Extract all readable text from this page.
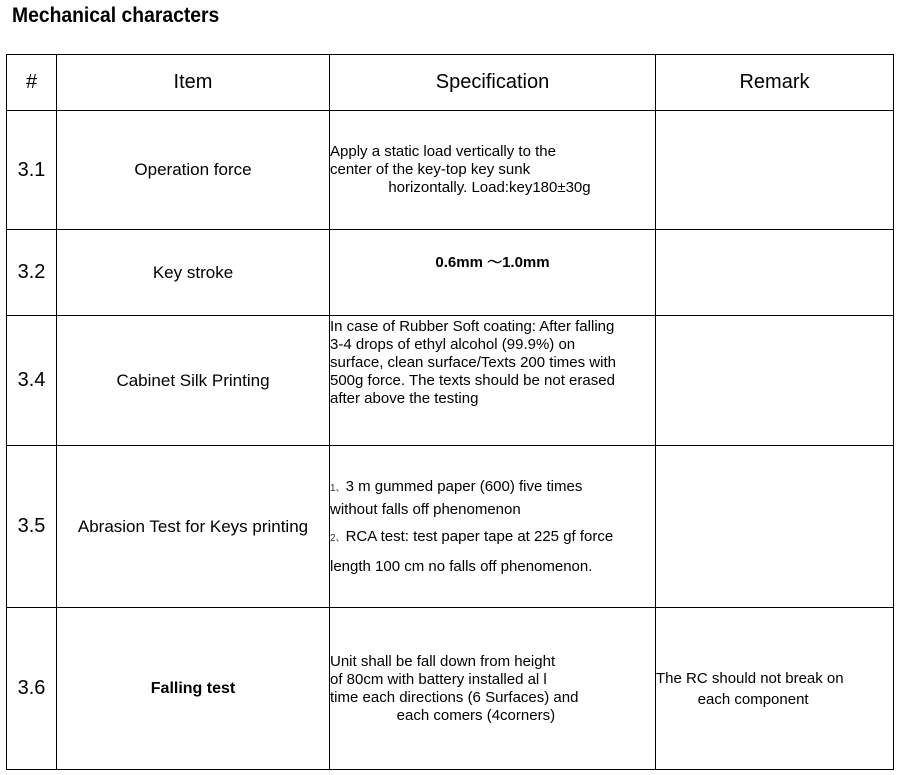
Mechanical characters
#	Item	Specification	Remark
3.1	Operation force	Apply a static load vertically to the
center of the key-top key sunk
horizontally. Load:key180±30g	

3.2	Key stroke	0.6mm ～1.0mm	

3.4	Cabinet Silk Printing	In case of Rubber Soft coating: After falling
3-4 drops of ethyl alcohol (99.9%) on
surface, clean surface/Texts 200 times with
500g force. The texts should be not erased
after above the testing	

3.5	Abrasion Test for Keys printing	1、3 m gummed paper (600) five times
without falls off phenomenon
2、RCA test: test paper tape at 225 gf force
length 100 cm no falls off phenomenon.	

3.6	Falling test	Unit shall be fall down from height
of 80cm with battery installed al l
time each directions (6 Surfaces) and
each comers (4corners)	The RC should not break on
each component
